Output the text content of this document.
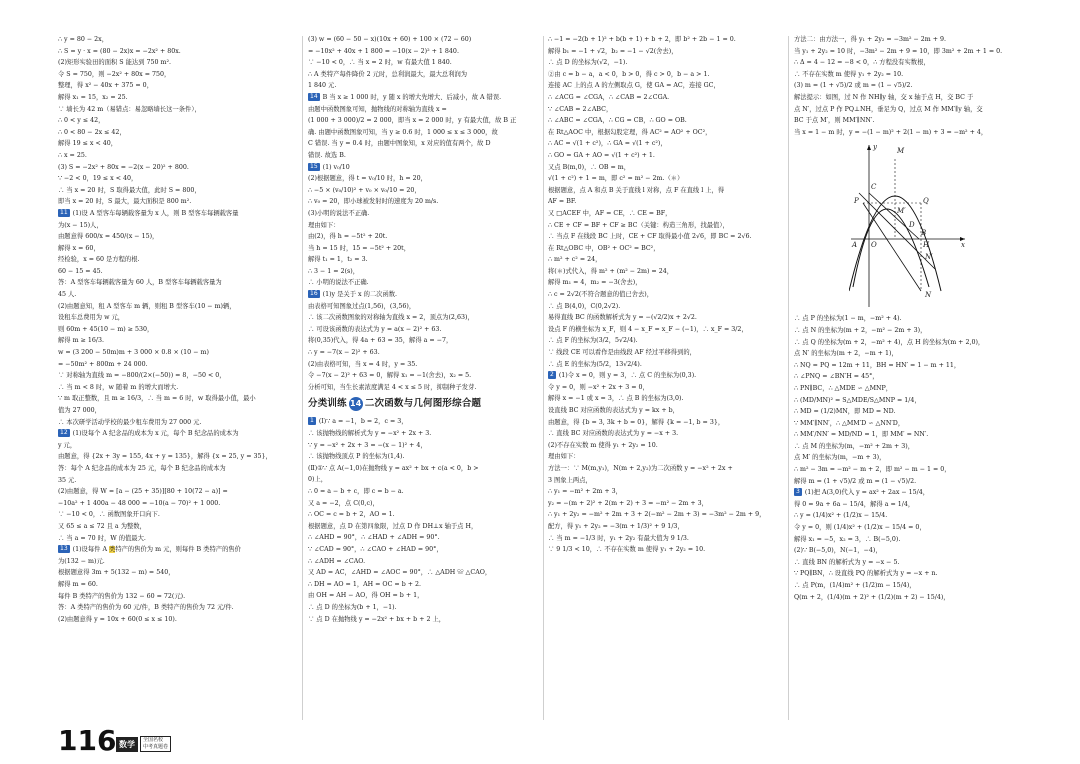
∴ y = 80 − 2x，
∴ S = y · x = (80 − 2x)x = −2x² + 80x.
(2)矩形实验田的面积 S 能达到 750 m².
令 S = 750，则 −2x² + 80x = 750，
整理，得 x² − 40x + 375 = 0，
解得 x₁ = 15，x₂ = 25.
∵ 墙长为 42 m（易错点：易忽略墙长这一条件），
∴ 0 < y ≤ 42，
∴ 0 < 80 − 2x ≤ 42，
解得 19 ≤ x < 40，
∴ x = 25.
(3) S = −2x² + 80x = −2(x − 20)² + 800.
∵ −2 < 0，19 ≤ x < 40，
∴ 当 x = 20 时，S 取得最大值，此时 S = 800，
即当 x = 20 时，S 最大，最大面积是 800 m².
11 (1)设 A 型客车每辆载客量为 x 人，则 B 型客车每辆载客量
为(x − 15)人，
由题意得 600/x = 450/(x − 15)，
解得 x = 60，
经检验，x = 60 是方程的根.
60 − 15 = 45.
答：A 型客车每辆载客量为 60 人，B 型客车每辆载客量为
45 人.
(2)由题意知，租 A 型客车 m 辆，则租 B 型客车(10 − m)辆，
设租车总费用为 w 元，
则 60m + 45(10 − m) ≥ 530，
解得 m ≥ 16/3.
w = (3 200 − 50m)m + 3 000 × 0.8 × (10 − m)
= −50m² + 800m + 24 000.
∵ 对称轴为直线 m = −800/(2×(−50)) = 8，−50 < 0，
∴ 当 m < 8 时，w 随着 m 的增大而增大.
∵ m 取正整数，且 m ≥ 16/3，∴ 当 m = 6 时，w 取得最小值，最小
值为 27 000，
∴ 本次研学活动学校的最少租车费用为 27 000 元.
12 (1)设每个 A 纪念品的成本为 x 元，每个 B 纪念品的成本为
y 元，
由题意，得 {2x + 3y = 155, 4x + y = 135}，解得 {x = 25, y = 35}，
答：每个 A 纪念品的成本为 25 元，每个 B 纪念品的成本为
35 元.
(2)由题意，得 W = [a − (25 + 35)][80 + 10(72 − a)] =
−10a² + 1 400a − 48 000 = −10(a − 70)² + 1 000.
∵ −10 < 0，∴ 函数图象开口向下.
又 65 ≤ a ≤ 72 且 a 为整数，
∴ 当 a = 70 时，W 的值最大.
13 (1)设每件 A 类特产的售价为 m 元，则每件 B 类特产的售价
为(132 − m)元.
根据题意得 3m + 5(132 − m) = 540，
解得 m = 60.
每件 B 类特产的售价为 132 − 60 = 72(元).
答：A 类特产的售价为 60 元/件，B 类特产的售价为 72 元/件.
(2)由题意得 y = 10x + 60(0 ≤ x ≤ 10).
(3) w = (60 − 50 − x)(10x + 60) + 100 × (72 − 60)
= −10x² + 40x + 1 800 = −10(x − 2)² + 1 840.
∵ −10 < 0，∴ 当 x = 2 时，w 有最大值 1 840.
∴ A 类特产每件降价 2 元时，总利润最大，最大总利润为
1 840 元.
14 B 当 x ≥ 1 000 时，y 随 x 的增大先增大、后减小，故 A 错误.
由题中函数图象可知，抛物线的对称轴为直线 x =
(1 000 + 3 000)/2 = 2 000，即当 x = 2 000 时，y 有最大值，故 B 正
确. 由题中函数图象可知，当 y ≥ 0.6 时，1 000 ≤ x ≤ 3 000，故
C 错误. 当 y = 0.4 时，由题中图象知，x 对应的值有两个，故 D
错误. 故选 B.
15 (1) v₀/10
(2)根据题意，得 t = v₀/10 时，h = 20，
∴ −5 × (v₀/10)² + v₀ × v₀/10 = 20，
∴ v₀ = 20，即小球被发射时的速度为 20 m/s.
(3)小明的说法不正确.
理由如下：
由(2)，得 h = −5t² + 20t.
当 h = 15 时，15 = −5t² + 20t，
解得 t₁ = 1，t₂ = 3.
∴ 3 − 1 = 2(s)，
∴ 小明的说法不正确.
16 (1)y 是关于 x 的二次函数.
由表格可知图象过点(1,56)，(3,56)，
∴ 该二次函数图象的对称轴为直线 x = 2，顶点为(2,63)，
∴ 可设该函数的表达式为 y = a(x − 2)² + 63.
将(0,35)代入，得 4a + 63 = 35，解得 a = −7，
∴ y = −7(x − 2)² + 63.
(2)由表格可知，当 x = 4 时，y = 35.
令 −7(x − 2)² + 63 = 0，解得 x₁ = −1(舍去)，x₂ = 5.
分析可知，当生长素浓度满足 4 < x ≤ 5 时，抑制种子发芽.
分类训练 14 二次函数与几何图形综合题
1 (Ⅰ)∵ a = −1，b = 2，c = 3，
∴ 该抛物线的解析式为 y = −x² + 2x + 3.
∵ y = −x² + 2x + 3 = −(x − 1)² + 4，
∴ 该抛物线顶点 P 的坐标为(1,4).
(Ⅱ)①∵ 点 A(−1,0)在抛物线 y = ax² + bx + c(a < 0，b >
0)上，
∴ 0 = a − b + c，即 c = b − a.
又 a = −2，点 C(0,c)，
∴ OC = c = b + 2，AO = 1.
根据题意，点 D 在第四象限，过点 D 作 DH⊥x 轴于点 H，
∴ ∠AHD = 90°，∴ ∠HAD + ∠ADH = 90°.
∵ ∠CAD = 90°，∴ ∠CAO + ∠HAD = 90°，
∴ ∠ADH = ∠CAO.
又 AD = AC，∠AHD = ∠AOC = 90°，∴ △ADH ≌ △CAO，
∴ DH = AO = 1，AH = OC = b + 2.
由 OH = AH − AO，得 OH = b + 1，
∴ 点 D 的坐标为(b + 1，−1).
∵ 点 D 在抛物线 y = −2x² + bx + b + 2 上，
∴ −1 = −2(b + 1)² + b(b + 1) + b + 2，即 b² + 2b − 1 = 0.
解得 b₁ = −1 + √2，b₂ = −1 − √2(舍去)，
∴ 点 D 的坐标为(√2，−1).
②由 c = b − a，a < 0，b > 0，得 c > 0，b − a > 1.
连接 AC 上的点 A 的左侧取点 G，使 GA = AC，连接 GC，
∴ ∠ACG = ∠CGA，∴ ∠CAB = 2∠CGA.
∵ ∠CAB = 2∠ABC，
∴ ∠ABC = ∠CGA，∴ CG = CB，∴ GO = OB.
在 Rt△AOC 中，根据勾股定理，得 AC² = AO² + OC²，
∴ AC = √(1 + c²)，∴ GA = √(1 + c²)，
∴ GO = GA + AO = √(1 + c²) + 1.
又点 B(m,0)，∴ OB = m，
√(1 + c²) + 1 = m，即 c² = m² − 2m.（＊）
根据题意，点 A 和点 B 关于直线 l 对称，点 F 在直线 l 上，得
AF = BF.
又 □ACEF 中，AF = CE，∴ CE = BF，
∴ CE + CF = BF + CF ≥ BC（关键：构造三角形，找最值），
∴ 当点 F 在线段 BC 上时，CE + CF 取得最小值 2√6，即 BC = 2√6.
在 Rt△OBC 中，OB² + OC² = BC²，
∴ m² + c² = 24，
将(＊)式代入，得 m² + (m² − 2m) = 24，
解得 m₁ = 4，m₂ = −3(舍去)，
∴ c = 2√2(不符合题意的值已舍去)，
∴ 点 B(4,0)，C(0,2√2).
易得直线 BC 的函数解析式为 y = −(√2/2)x + 2√2.
设点 F 的横坐标为 x_F，则 4 − x_F = x_F − (−1)，∴ x_F = 3/2，
∴ 点 F 的坐标为(3/2，5√2/4).
∵ 线段 CE 可以看作是由线段 AF 经过平移得到的，
∴ 点 E 的坐标为(5/2，13√2/4).
2 (1)令 x = 0，则 y = 3，∴ 点 C 的坐标为(0,3).
令 y = 0，则 −x² + 2x + 3 = 0，
解得 x = −1 或 x = 3，∴ 点 B 的坐标为(3,0).
设直线 BC 对应函数的表达式为 y = kx + b，
由题意，得 {b = 3, 3k + b = 0}，解得 {k = −1, b = 3}，
∴ 直线 BC 对应函数的表达式为 y = −x + 3.
(2)不存在实数 m 使得 y₁ + 2y₂ = 10.
理由如下：
方法一：∵ M(m,y₁)，N(m + 2,y₂)为二次函数 y = −x² + 2x +
3 图象上两点，
∴ y₁ = −m² + 2m + 3，
y₂ = −(m + 2)² + 2(m + 2) + 3 = −m² − 2m + 3，
∴ y₁ + 2y₂ = −m² + 2m + 3 + 2(−m² − 2m + 3) = −3m² − 2m + 9，
配方，得 y₁ + 2y₂ = −3(m + 1/3)² + 9 1/3，
∴ 当 m = −1/3 时，y₁ + 2y₂ 有最大值为 9 1/3.
∵ 9 1/3 < 10，∴ 不存在实数 m 使得 y₁ + 2y₂ = 10.
方法二：由方法一，得 y₁ + 2y₂ = −3m² − 2m + 9.
当 y₁ + 2y₂ = 10 时，−3m² − 2m + 9 = 10，即 3m² + 2m + 1 = 0.
∴ Δ = 4 − 12 = −8 < 0，∴ 方程没有实数根，
∴ 不存在实数 m 使得 y₁ + 2y₂ = 10.
(3) m = (1 + √5)/2 或 m = (1 − √5)/2.
解法提示：如图，过 N 作 NH∥y 轴，交 x 轴于点 H，交 BC 于
点 N′，过点 P 作 PQ⊥NH，垂足为 Q，过点 M 作 MM′∥y 轴，交
BC 于点 M′，则 MM′∥NN′.
当 x = 1 − m 时，y = −(1 − m)² + 2(1 − m) + 3 = −m² + 4，
y
x
M
C
P	Q
M′
A O
D
B
H
N′
N
∴ 点 P 的坐标为(1 − m，−m² + 4).
∴ 点 N 的坐标为(m + 2，−m² − 2m + 3)，
∴ 点 Q 的坐标为(m + 2，−m² + 4)，点 H 的坐标为(m + 2,0)，
点 N′ 的坐标为(m + 2，−m + 1)，
∴ NQ = PQ = 12m + 11，BH = HN′ = 1 − m + 11，
∴ ∠PNQ = ∠BN′H = 45°，
∴ PN∥BC，∴ △MDE ∽ △MNP，
∴ (MD/MN)² = S△MDE/S△MNP = 1/4，
∴ MD = (1/2)MN，即 MD = ND.
∵ MM′∥NN′，∴ △MM′D ∽ △NN′D，
∴ MM′/NN′ = MD/ND = 1，即 MM′ = NN′.
∴ 点 M 的坐标为(m，−m² + 2m + 3)，
点 M′ 的坐标为(m，−m + 3)，
∴ m² − 3m = −m² − m + 2，即 m² − m − 1 = 0，
解得 m = (1 + √5)/2 或 m = (1 − √5)/2.
3 (1)把 A(3,0)代入 y = ax² + 2ax − 15/4，
得 0 = 9a + 6a − 15/4，解得 a = 1/4，
∴ y = (1/4)x² + (1/2)x − 15/4.
令 y = 0，则 (1/4)x² + (1/2)x − 15/4 = 0，
解得 x₁ = −5，x₂ = 3，∴ B(−5,0).
(2)∵ B(−5,0)，N(−1，−4)，
∴ 直线 BN 的解析式为 y = −x − 5.
∵ PQ∥BN，∴ 设直线 PQ 的解析式为 y = −x + n.
∴ 点 P(m，(1/4)m² + (1/2)m − 15/4)，
Q(m + 2，(1/4)(m + 2)² + (1/2)(m + 2) − 15/4)，
116 数学	全国名校
中考真题卷
